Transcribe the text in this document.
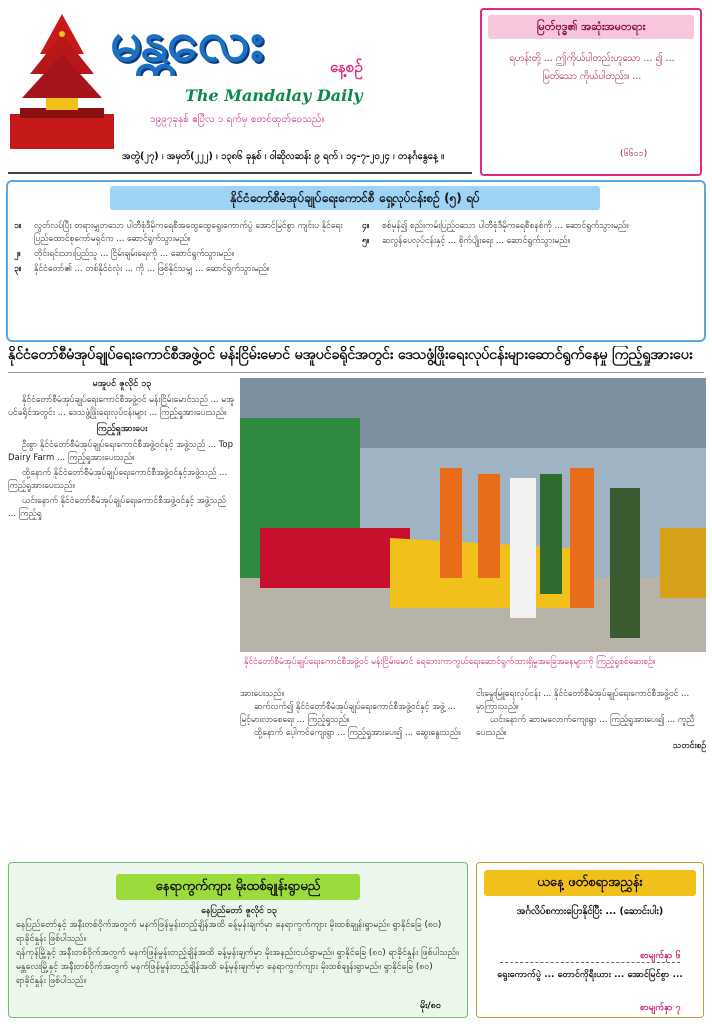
မန္တလေး	နေ့စဉ်
The Mandalay Daily
၁၉၉၇ခုနှစ် ဧပြီလ ၁ ရက်မှ စတင်ထုတ်ဝေသည်။
အတွဲ(၂၇) ၊ အမှတ်(၂၂၂) ၊ ၁၃၈၆ ခုနှစ် ၊ ဝါဆိုလဆန်း ၉ ရက် ၊ ၁၄-၇-၂၀၂၄ ၊ တနင်္ဂနွေနေ့ ။
မြတ်ဗုဒ္ဓ၏ အဆုံးအမတရား
ရဟန်းတို့ ... ဤကိုယ်ပါတည်းဟူသော ... ၍ ... မြတ်သော ကိုယ်ပါတည်း။ ...
(၆၆၀၁)
နိုင်ငံတော်စီမံအုပ်ချုပ်ရေးကောင်စီ ရှေ့လုပ်ငန်းစဉ် (၅) ရပ်
၁။	လွတ်လပ်ပြီး တရားမျှတသော ပါတီစုံဒီမိုကရေစီအထွေထွေရွေးကောက်ပွဲ အောင်မြင်စွာ ကျင်းပ နိုင်ရေး ပြည်ထောင်စုကော်မရှင်က ... ဆောင်ရွက်သွားမည်။
၂။	တိုင်းရင်းသားပြည်သူ ... ငြိမ်းချမ်းရေးကို ... ဆောင်ရွက်သွားမည်။
၃။	နိုင်ငံတော်၏ ... တစ်နိုင်ငံလုံး ... ကို ... ဖြစ်နိုင်သမျှ ... ဆောင်ရွက်သွားမည်။
၄။	စစ်မှန်၍ စည်းကမ်းပြည့်ဝသော ပါတီစုံဒီမိုကရေစီစနစ်ကို ... ဆောင်ရွက်သွားမည်။
၅။	ဆလွန်ပေလုပ်ငန်းနှင့် ... စိုက်ပျိုးရေး ... ဆောင်ရွက်သွားမည်။
နိုင်ငံတော်စီမံအုပ်ချုပ်ရေးကောင်စီအဖွဲ့ဝင် မန်းငြိမ်းမောင် မအူပင်ခရိုင်အတွင်း ဒေသဖွံ့ဖြိုးရေးလုပ်ငန်းများဆောင်ရွက်နေမှု ကြည့်ရှုအားပေး
မအူပင် ဇူလိုင် ၁၃

နိုင်ငံတော်စီမံအုပ်ချုပ်ရေးကောင်စီအဖွဲ့ဝင် မန်းငြိမ်းမောင်သည် ... မအူပင်ခရိုင်အတွင်း ... ဒေသဖွံ့ဖြိုးရေးလုပ်ငန်းများ ... ကြည့်ရှုအားပေးသည်။

ကြည့်ရှုအားပေး

ဦးစွာ နိုင်ငံတော်စီမံအုပ်ချုပ်ရေးကောင်စီအဖွဲ့ဝင်နှင့် အဖွဲ့သည် ... Top Dairy Farm ... ကြည့်ရှုအားပေးသည်။

ထို့နောက် နိုင်ငံတော်စီမံအုပ်ချုပ်ရေးကောင်စီအဖွဲ့ဝင်နှင့်အဖွဲ့သည် ... ကြည့်ရှုအားပေးသည်။

ယင်းနောက် နိုင်ငံတော်စီမံအုပ်ချုပ်ရေးကောင်စီအဖွဲ့ဝင်နှင့် အဖွဲ့သည် ... ကြည့်ရှု

နိုင်ငံတော်စီမံအုပ်ချုပ်ရေးကောင်စီအဖွဲ့ဝင် မန်းငြိမ်းမောင် ရေဘေးကာကွယ်ရေးဆောင်ရွက်ထားရှိမှုအခြေအနေများကို ကြည့်ရှုစစ်ဆေးစဉ်။

အားပေးသည်။

ဆက်လက်၍ နိုင်ငံတော်စီမံအုပ်ချုပ်ရေးကောင်စီအဖွဲ့ဝင်နှင့် အဖွဲ့ ... မြင့်မားလာစေရေး ... ကြည့်ရှုသည်။

ထို့နောက် ပေ့ါကင်ကျေးရွာ ... ကြည့်ရှုအားပေး၍ ... ဆွေးနွေးသည်။

ငါးမွေးမြူရေးလုပ်ငန်း ... နိုင်ငံတော်စီမံအုပ်ချုပ်ရေးကောင်စီအဖွဲ့ဝင် ... မှာကြားသည်။

ယင်းနောက် ဆားမလောက်ကျေးရွာ ... ကြည့်ရှုအားပေး၍ ... ကူညီပေးသည်။

သတင်းစဉ်
နေရာကွက်ကျား မိုးထစ်ချုန်းရွာမည်
နေပြည်တော် ဇူလိုင် ၁၃

နေပြည်တော်နှင့် အနီးတစ်ဝိုက်အတွက် မနက်ဖြန်မွန်းတည့်ချိန်အထိ ခန့်မှန်းချက်မှာ နေရာကွက်ကျား မိုးထစ်ချုန်းရွာမည်။ ရွာနိုင်ခြေ (၈၀) ရာခိုင်နှုန်း ဖြစ်ပါသည်။

ရန်ကုန်မြို့နှင့် အနီးတစ်ဝိုက်အတွက် မနက်ဖြန်မွန်းတည့်ချိန်အထိ ခန့်မှန်းချက်မှာ မိုးအနည်းငယ်ရွာမည်။ ရွာနိုင်ခြေ (၈၀) ရာခိုင်နှုန်း ဖြစ်ပါသည်။

မန္တလေးမြို့နှင့် အနီးတစ်ဝိုက်အတွက် မနက်ဖြန်မွန်းတည့်ချိန်အထိ ခန့်မှန်းချက်မှာ နေရာကွက်ကျား မိုးထစ်ချုန်းရွာမည်။ ရွာနိုင်ခြေ (၈၀) ရာခိုင်နှုန်း ဖြစ်ပါသည်။

မိုး/၈၀
ယနေ့ ဖတ်စရာအညွှန်း
အင်္ဂလိပ်စကားပြောနိုင်ပြီး ... (ဆောင်းပါး)
စာမျက်နှာ ၆
ရွေးကောက်ပွဲ ... တောင်ကိုရီးယား ... အောင်မြင်စွာ ...
စာမျက်နှာ ၇
